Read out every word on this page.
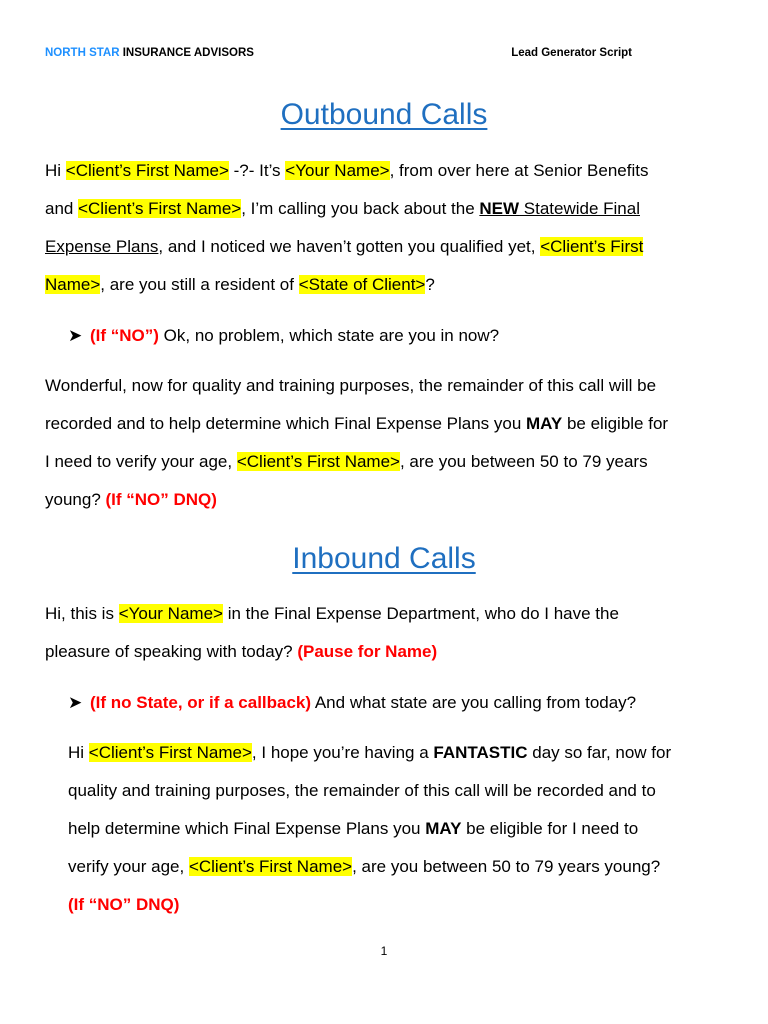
NORTH STAR INSURANCE ADVISORS	Lead Generator Script
Outbound Calls
Hi <Client’s First Name> -?- It’s <Your Name>, from over here at Senior Benefits
and <Client’s First Name>, I’m calling you back about the NEW Statewide Final
Expense Plans, and I noticed we haven’t gotten you qualified yet, <Client’s First
Name>, are you still a resident of <State of Client>?
➤ (If “NO”) Ok, no problem, which state are you in now?
Wonderful, now for quality and training purposes, the remainder of this call will be
recorded and to help determine which Final Expense Plans you MAY be eligible for
I need to verify your age, <Client’s First Name>, are you between 50 to 79 years
young? (If “NO” DNQ)
Inbound Calls
Hi, this is <Your Name> in the Final Expense Department, who do I have the
pleasure of speaking with today? (Pause for Name)
➤ (If no State, or if a callback) And what state are you calling from today?
Hi <Client’s First Name>, I hope you’re having a FANTASTIC day so far, now for
quality and training purposes, the remainder of this call will be recorded and to
help determine which Final Expense Plans you MAY be eligible for I need to
verify your age, <Client’s First Name>, are you between 50 to 79 years young?
(If “NO” DNQ)
1
